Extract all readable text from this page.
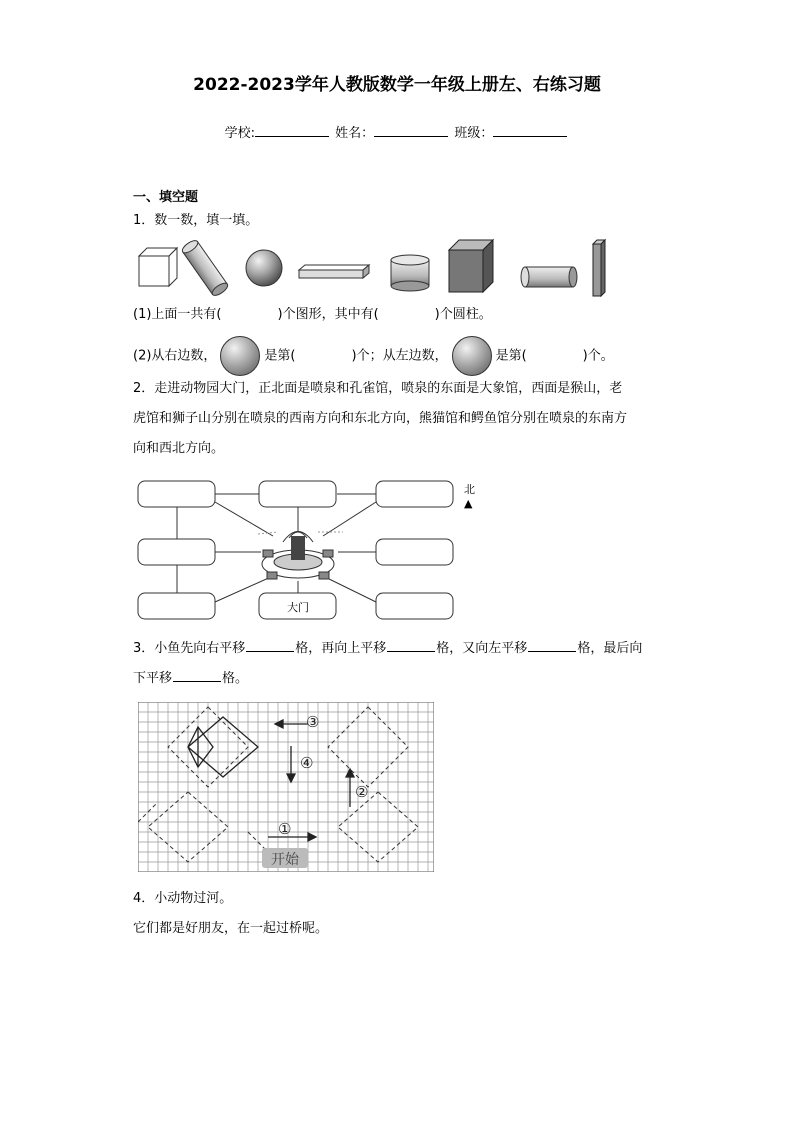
2022-2023学年人教版数学一年级上册左、右练习题
学校:	姓名：	班级：
一、填空题
1．数一数，填一填。
(1)上面一共有(	)个图形，其中有(	)个圆柱。
(2)从右边数，	是第(	)个；从左边数，	是第(	)个。
2．走进动物园大门，正北面是喷泉和孔雀馆，喷泉的东面是大象馆，西面是猴山，老
虎馆和狮子山分别在喷泉的西南方向和东北方向，熊猫馆和鳄鱼馆分别在喷泉的东南方
向和西北方向。
大门
北
▲
3．小鱼先向右平移	格，再向上平移	格，又向左平移	格，最后向
下平移	格。
①
②
③
④
开始
4．小动物过河。
它们都是好朋友，在一起过桥呢。
